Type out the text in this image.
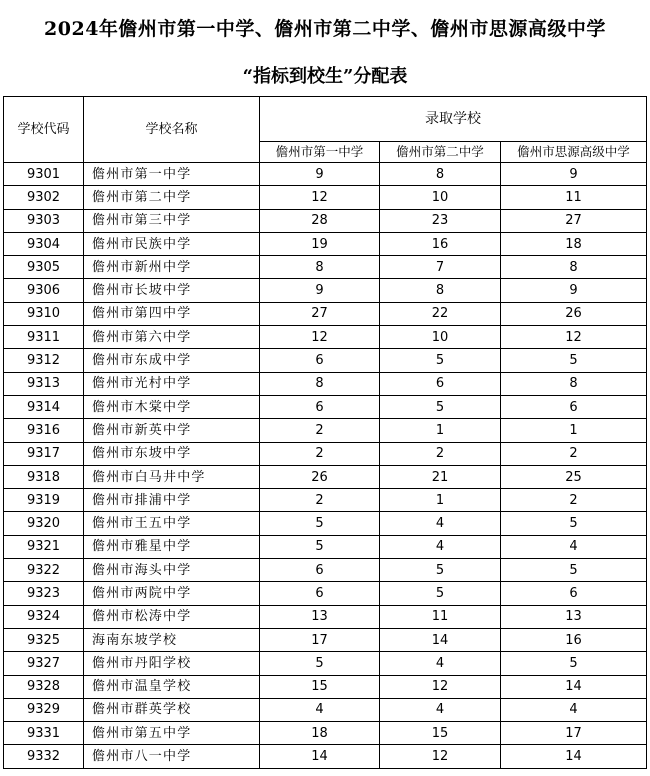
2024年儋州市第一中学、儋州市第二中学、儋州市思源高级中学
“指标到校生”分配表
学校代码	学校名称	录取学校		
		儋州市第一中学	儋州市第二中学	儋州市思源高级中学
9301	儋州市第一中学	9	8	9
9302	儋州市第二中学	12	10	11
9303	儋州市第三中学	28	23	27
9304	儋州市民族中学	19	16	18
9305	儋州市新州中学	8	7	8
9306	儋州市长坡中学	9	8	9
9310	儋州市第四中学	27	22	26
9311	儋州市第六中学	12	10	12
9312	儋州市东成中学	6	5	5
9313	儋州市光村中学	8	6	8
9314	儋州市木棠中学	6	5	6
9316	儋州市新英中学	2	1	1
9317	儋州市东坡中学	2	2	2
9318	儋州市白马井中学	26	21	25
9319	儋州市排浦中学	2	1	2
9320	儋州市王五中学	5	4	5
9321	儋州市雅星中学	5	4	4
9322	儋州市海头中学	6	5	5
9323	儋州市两院中学	6	5	6
9324	儋州市松涛中学	13	11	13
9325	海南东坡学校	17	14	16
9327	儋州市丹阳学校	5	4	5
9328	儋州市温皇学校	15	12	14
9329	儋州市群英学校	4	4	4
9331	儋州市第五中学	18	15	17
9332	儋州市八一中学	14	12	14
